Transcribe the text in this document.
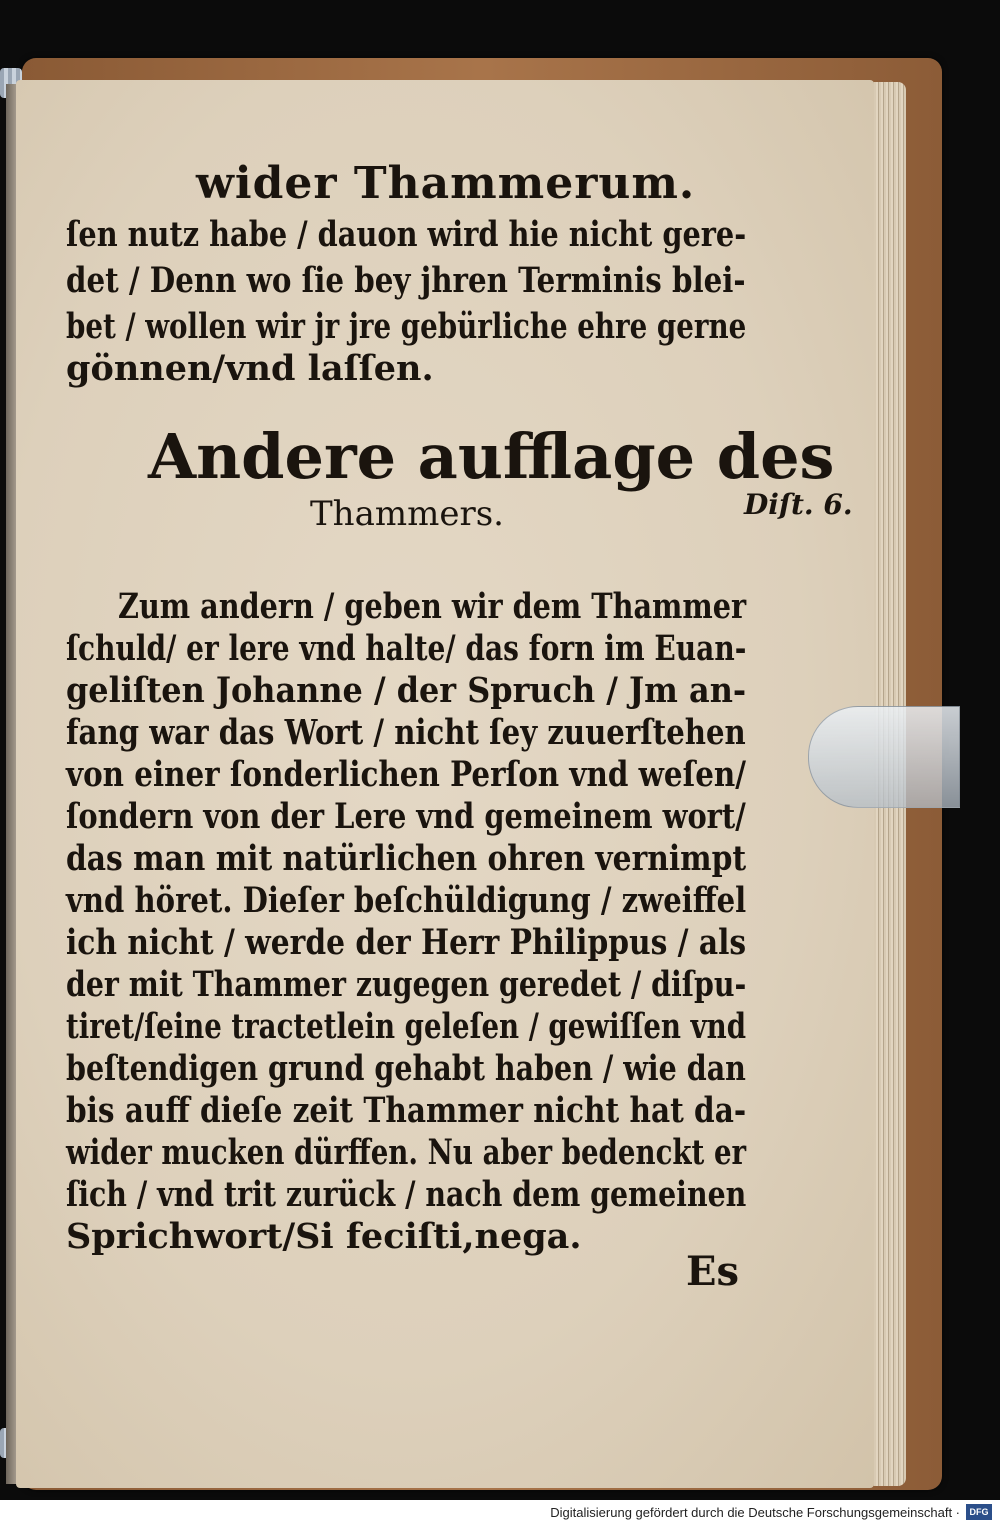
wider Thammerum.
ſen nutz habe / dauon wird hie nicht gere-
det / Denn wo ſie bey jhren Terminis blei-
bet / wollen wir jr jre gebürliche ehre gerne
gönnen/vnd laſſen.
Andere aufflage des
Thammers.	Diſt. 6.
Zum andern / geben wir dem Thammer
ſchuld/ er lere vnd halte/ das forn im Euan-
geliſten Johanne / der Spruch / Jm an-
fang war das Wort / nicht ſey zuuerſtehen
von einer ſonderlichen Perſon vnd weſen/
ſondern von der Lere vnd gemeinem wort/
das man mit natürlichen ohren vernimpt
vnd höret. Dieſer beſchüldigung / zweiffel
ich nicht / werde der Herr Philippus / als
der mit Thammer zugegen geredet / diſpu-
tiret/ſeine tractetlein geleſen / gewiſſen vnd
beſtendigen grund gehabt haben / wie dan
bis auff dieſe zeit Thammer nicht hat da-
wider mucken dürffen. Nu aber bedenckt er
ſich / vnd trit zurück / nach dem gemeinen
Sprichwort/Si feciſti,nega.
Es
Digitalisierung gefördert durch die Deutsche Forschungsgemeinschaft ·	DFG
